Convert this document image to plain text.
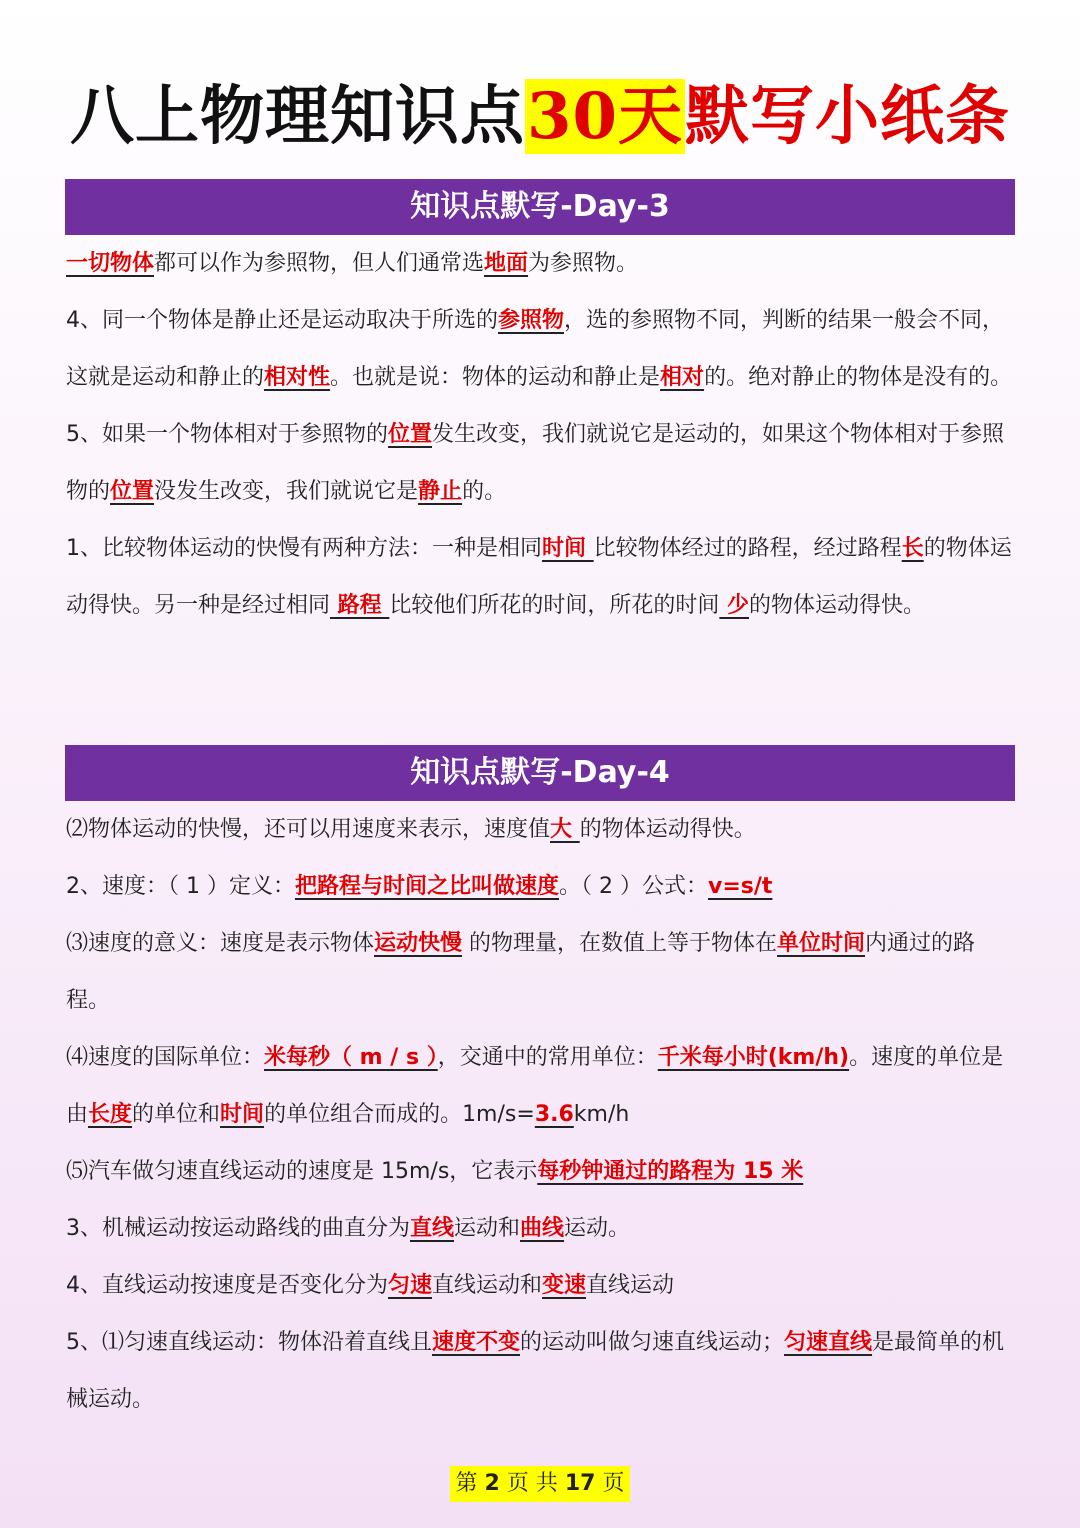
八上物理知识点30天默写小纸条
知识点默写-Day-3

一切物体都可以作为参照物，但人们通常选地面为参照物。

4、同一个物体是静止还是运动取决于所选的参照物，选的参照物不同，判断的结果一般会不同，这就是运动和静止的相对性。也就是说：物体的运动和静止是相对的。绝对静止的物体是没有的。

5、如果一个物体相对于参照物的位置发生改变，我们就说它是运动的，如果这个物体相对于参照物的位置没发生改变，我们就说它是静止的。

1、比较物体运动的快慢有两种方法：一种是相同时间 比较物体经过的路程，经过路程长的物体运动得快。另一种是经过相同 路程 比较他们所花的时间，所花的时间 少的物体运动得快。

知识点默写-Day-4

⑵物体运动的快慢，还可以用速度来表示，速度值大 的物体运动得快。

2、速度：（ 1 ）定义：把路程与时间之比叫做速度。（ 2 ）公式：v=s/t

⑶速度的意义：速度是表示物体运动快慢 的物理量，在数值上等于物体在单位时间内通过的路程。

⑷速度的国际单位：米每秒（ m / s ），交通中的常用单位：千米每小时(km/h)。速度的单位是由长度的单位和时间的单位组合而成的。1m/s=3.6km/h

⑸汽车做匀速直线运动的速度是 15m/s，它表示每秒钟通过的路程为 15 米

3、机械运动按运动路线的曲直分为直线运动和曲线运动。

4、直线运动按速度是否变化分为匀速直线运动和变速直线运动

5、⑴匀速直线运动：物体沿着直线且速度不变的运动叫做匀速直线运动；匀速直线是最简单的机械运动。

第 2 页 共 17 页
